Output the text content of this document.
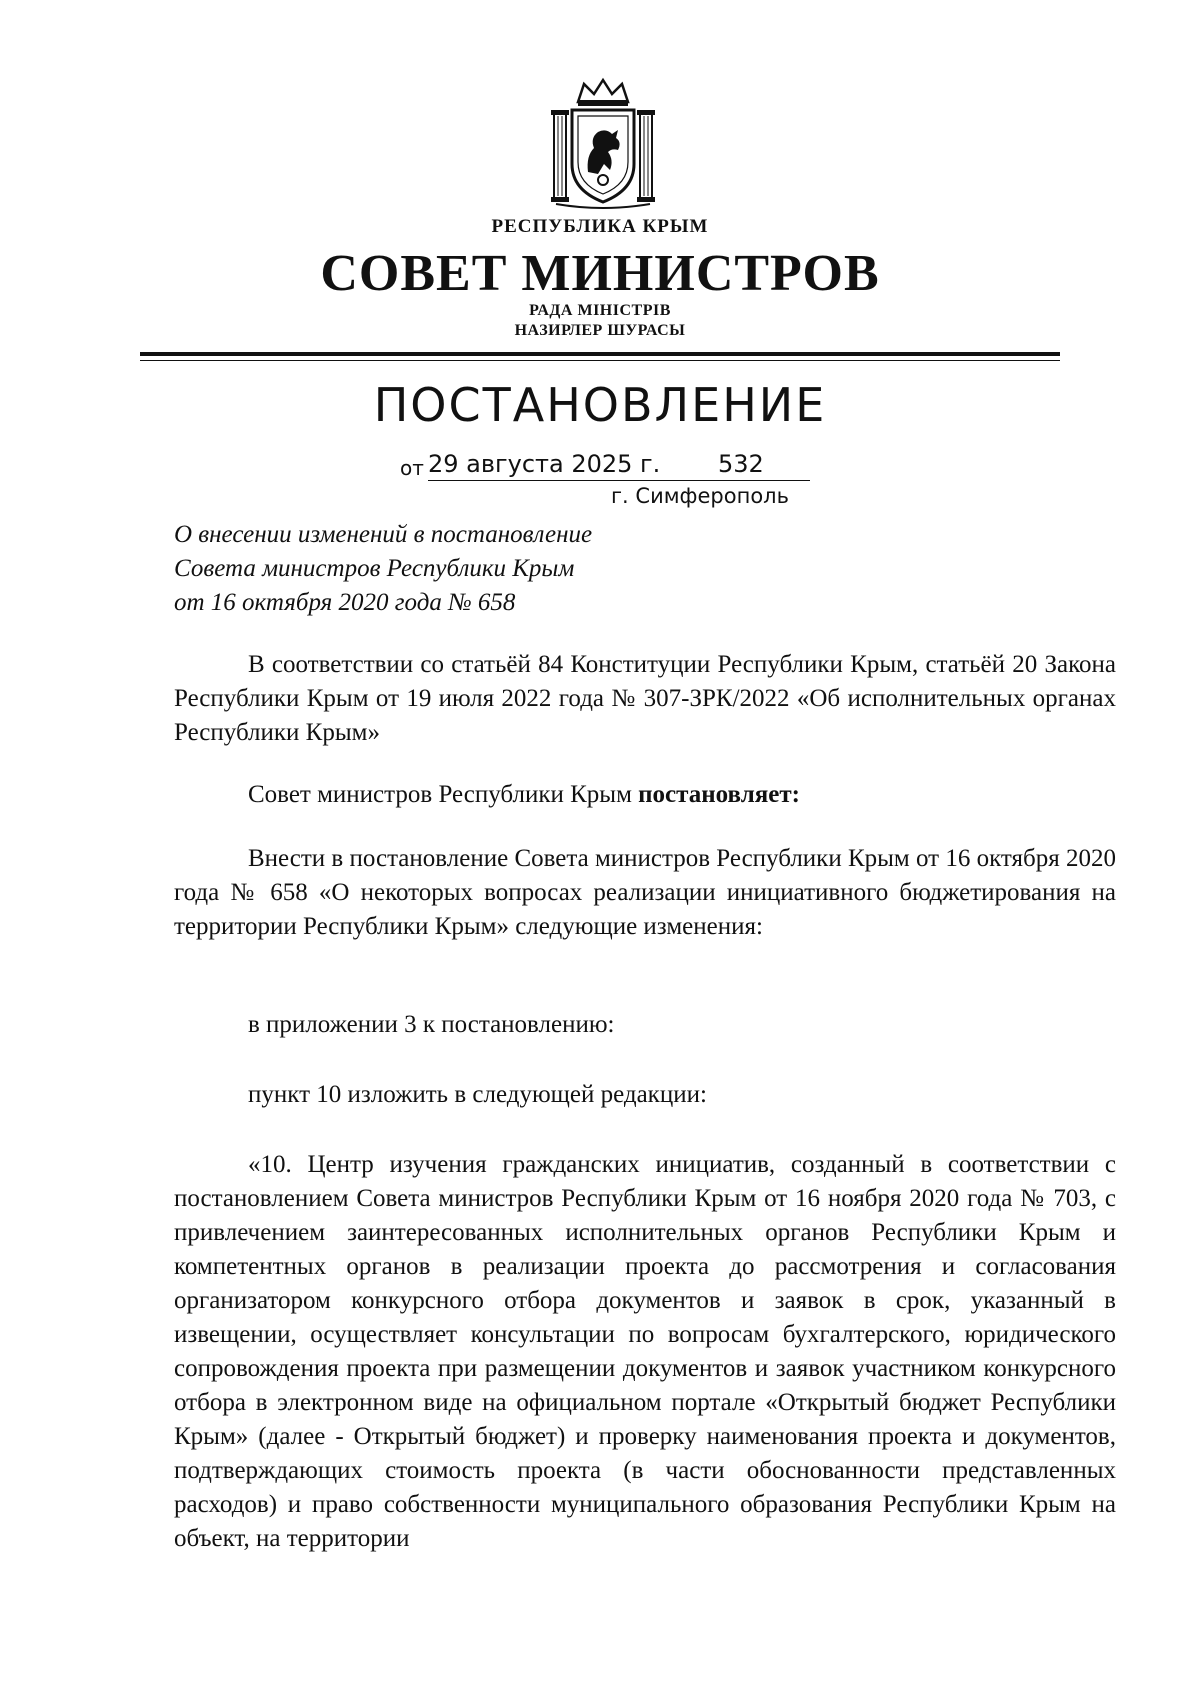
РЕСПУБЛИКА КРЫМ
СОВЕТ МИНИСТРОВ
РАДА МІНІСТРІВ
НАЗИРЛЕР ШУРАСЫ
ПОСТАНОВЛЕНИЕ
от 29 августа 2025 г. 532
г. Симферополь
О внесении изменений в постановление
Совета министров Республики Крым
от 16 октября 2020 года № 658
В соответствии со статьёй 84 Конституции Республики Крым, статьёй 20 Закона Республики Крым от 19 июля 2022 года № 307-ЗРК/2022 «Об исполнительных органах Республики Крым»
Совет министров Республики Крым постановляет:
Внести в постановление Совета министров Республики Крым от 16 октября 2020 года № 658 «О некоторых вопросах реализации инициативного бюджетирования на территории Республики Крым» следующие изменения:
в приложении 3 к постановлению:
пункт 10 изложить в следующей редакции:
«10. Центр изучения гражданских инициатив, созданный в соответствии с постановлением Совета министров Республики Крым от 16 ноября 2020 года № 703, с привлечением заинтересованных исполнительных органов Республики Крым и компетентных органов в реализации проекта до рассмотрения и согласования организатором конкурсного отбора документов и заявок в срок, указанный в извещении, осуществляет консультации по вопросам бухгалтерского, юридического сопровождения проекта при размещении документов и заявок участником конкурсного отбора в электронном виде на официальном портале «Открытый бюджет Республики Крым» (далее - Открытый бюджет) и проверку наименования проекта и документов, подтверждающих стоимость проекта (в части обоснованности представленных расходов) и право собственности муниципального образования Республики Крым на объект, на территории
